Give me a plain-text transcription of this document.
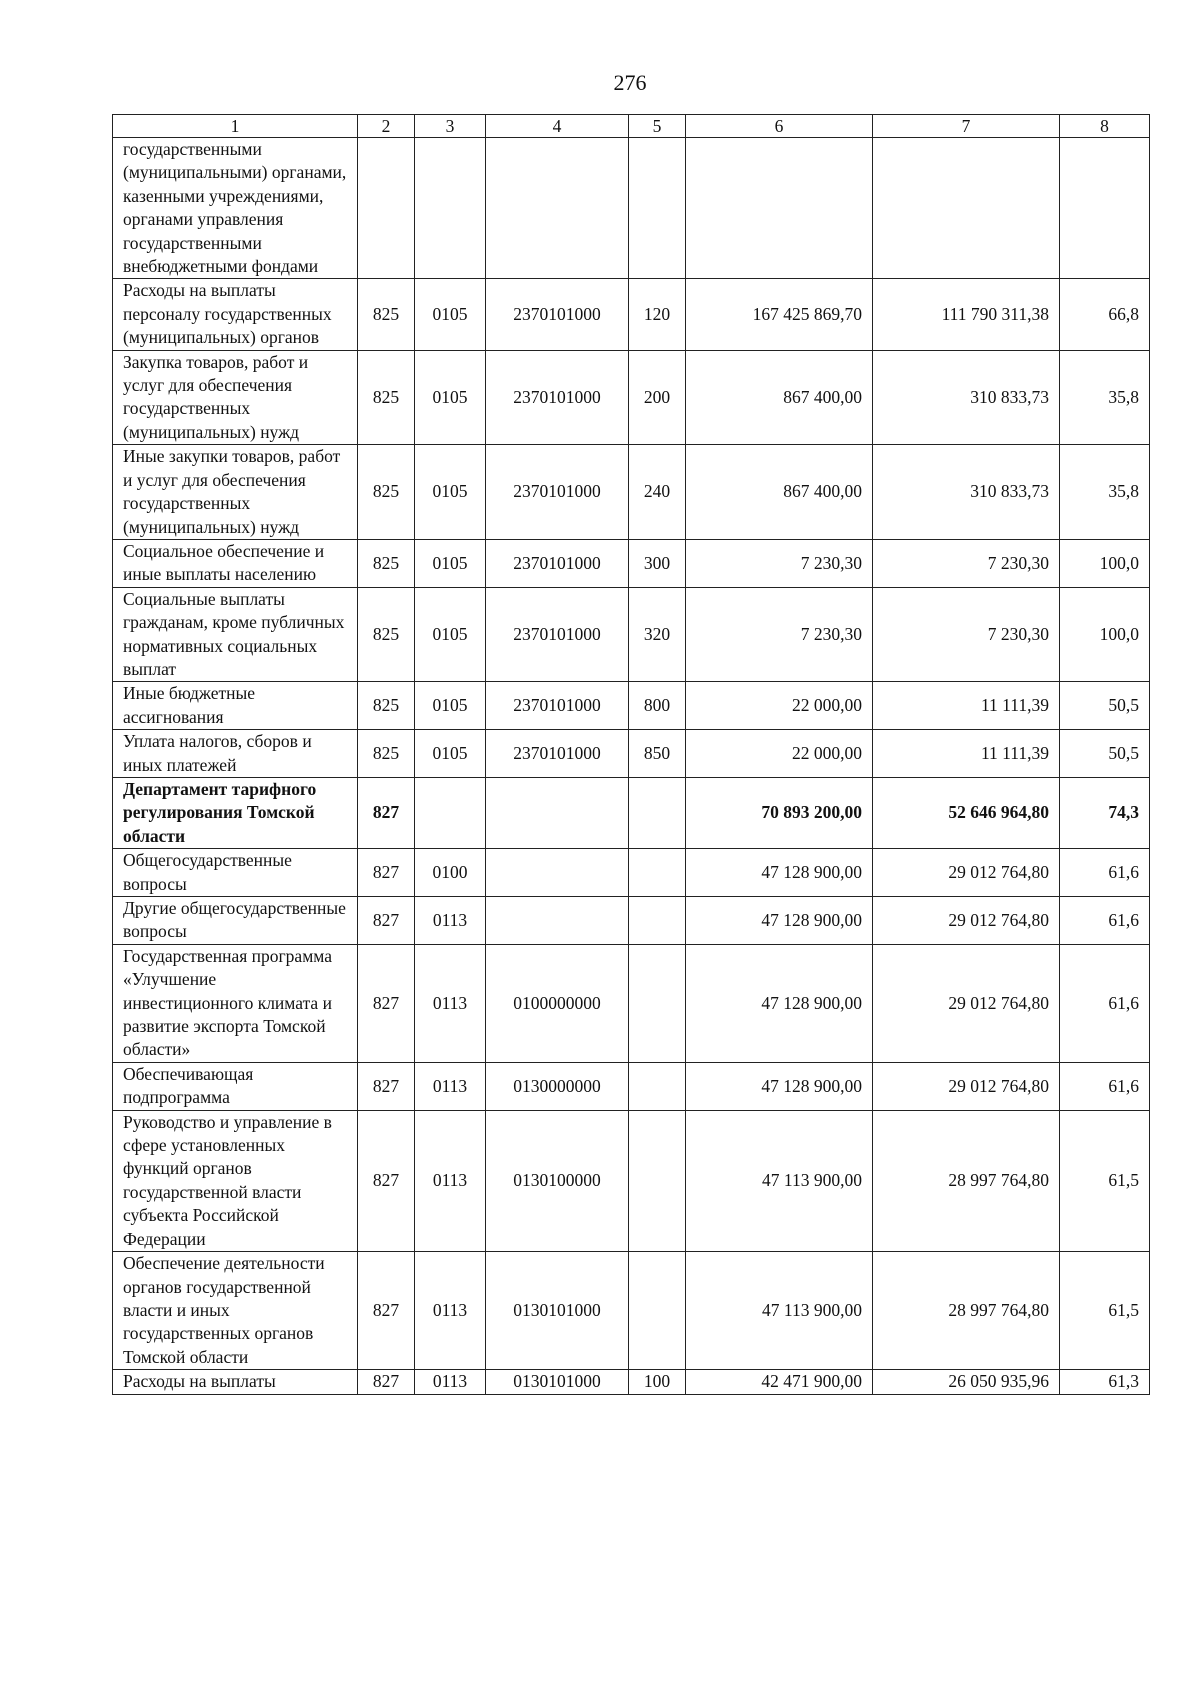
276
1	2	3	4	5	6	7	8
государственными (муниципальными) органами, казенными учреждениями, органами управления государственными внебюджетными фондами							
Расходы на выплаты персоналу государственных (муниципальных) органов	825	0105	2370101000	120	167 425 869,70	111 790 311,38	66,8
Закупка товаров, работ и услуг для обеспечения государственных (муниципальных) нужд	825	0105	2370101000	200	867 400,00	310 833,73	35,8
Иные закупки товаров, работ и услуг для обеспечения государственных (муниципальных) нужд	825	0105	2370101000	240	867 400,00	310 833,73	35,8
Социальное обеспечение и иные выплаты населению	825	0105	2370101000	300	7 230,30	7 230,30	100,0
Социальные выплаты гражданам, кроме публичных нормативных социальных выплат	825	0105	2370101000	320	7 230,30	7 230,30	100,0
Иные бюджетные ассигнования	825	0105	2370101000	800	22 000,00	11 111,39	50,5
Уплата налогов, сборов и иных платежей	825	0105	2370101000	850	22 000,00	11 111,39	50,5
Департамент тарифного регулирования Томской области	827				70 893 200,00	52 646 964,80	74,3
Общегосударственные вопросы	827	0100			47 128 900,00	29 012 764,80	61,6
Другие общегосударственные вопросы	827	0113			47 128 900,00	29 012 764,80	61,6
Государственная программа «Улучшение инвестиционного климата и развитие экспорта Томской области»	827	0113	0100000000		47 128 900,00	29 012 764,80	61,6
Обеспечивающая подпрограмма	827	0113	0130000000		47 128 900,00	29 012 764,80	61,6
Руководство и управление в сфере установленных функций органов государственной власти субъекта Российской Федерации	827	0113	0130100000		47 113 900,00	28 997 764,80	61,5
Обеспечение деятельности органов государственной власти и иных государственных органов Томской области	827	0113	0130101000		47 113 900,00	28 997 764,80	61,5
Расходы на выплаты	827	0113	0130101000	100	42 471 900,00	26 050 935,96	61,3
